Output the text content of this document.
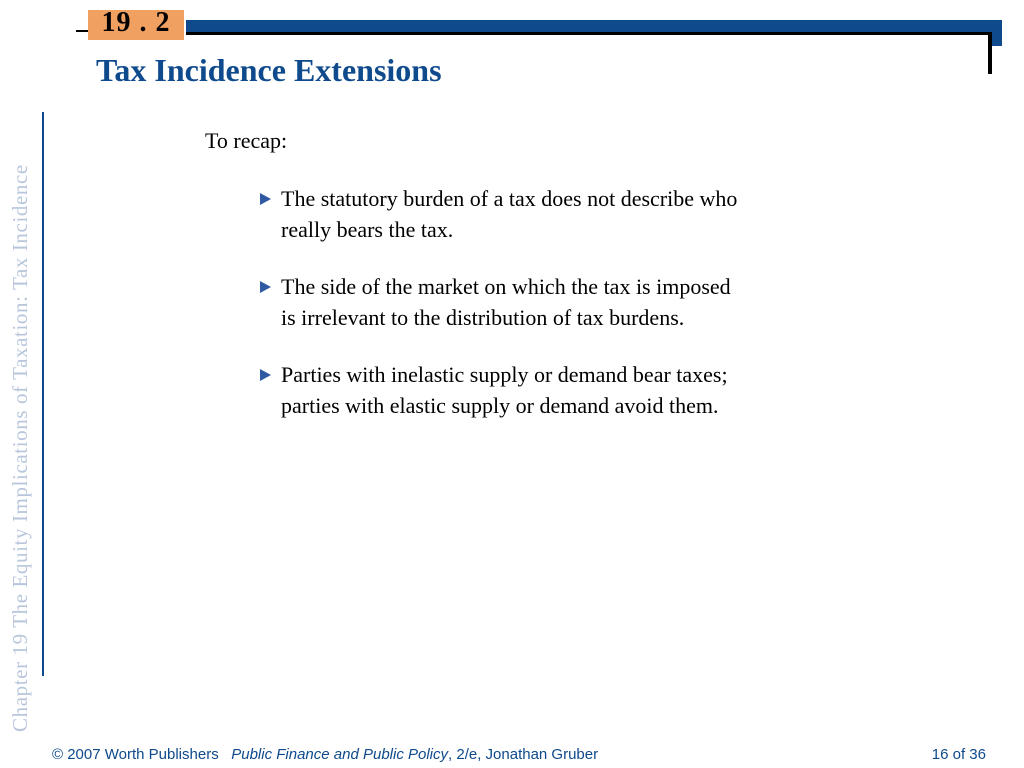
19 . 2
Tax Incidence Extensions
Chapter 19 The Equity Implications of Taxation: Tax Incidence
To recap:
The statutory burden of a tax does not describe who
really bears the tax.
The side of the market on which the tax is imposed
is irrelevant to the distribution of tax burdens.
Parties with inelastic supply or demand bear taxes;
parties with elastic supply or demand avoid them.
© 2007 Worth Publishers Public Finance and Public Policy, 2/e, Jonathan Gruber	16 of 36
